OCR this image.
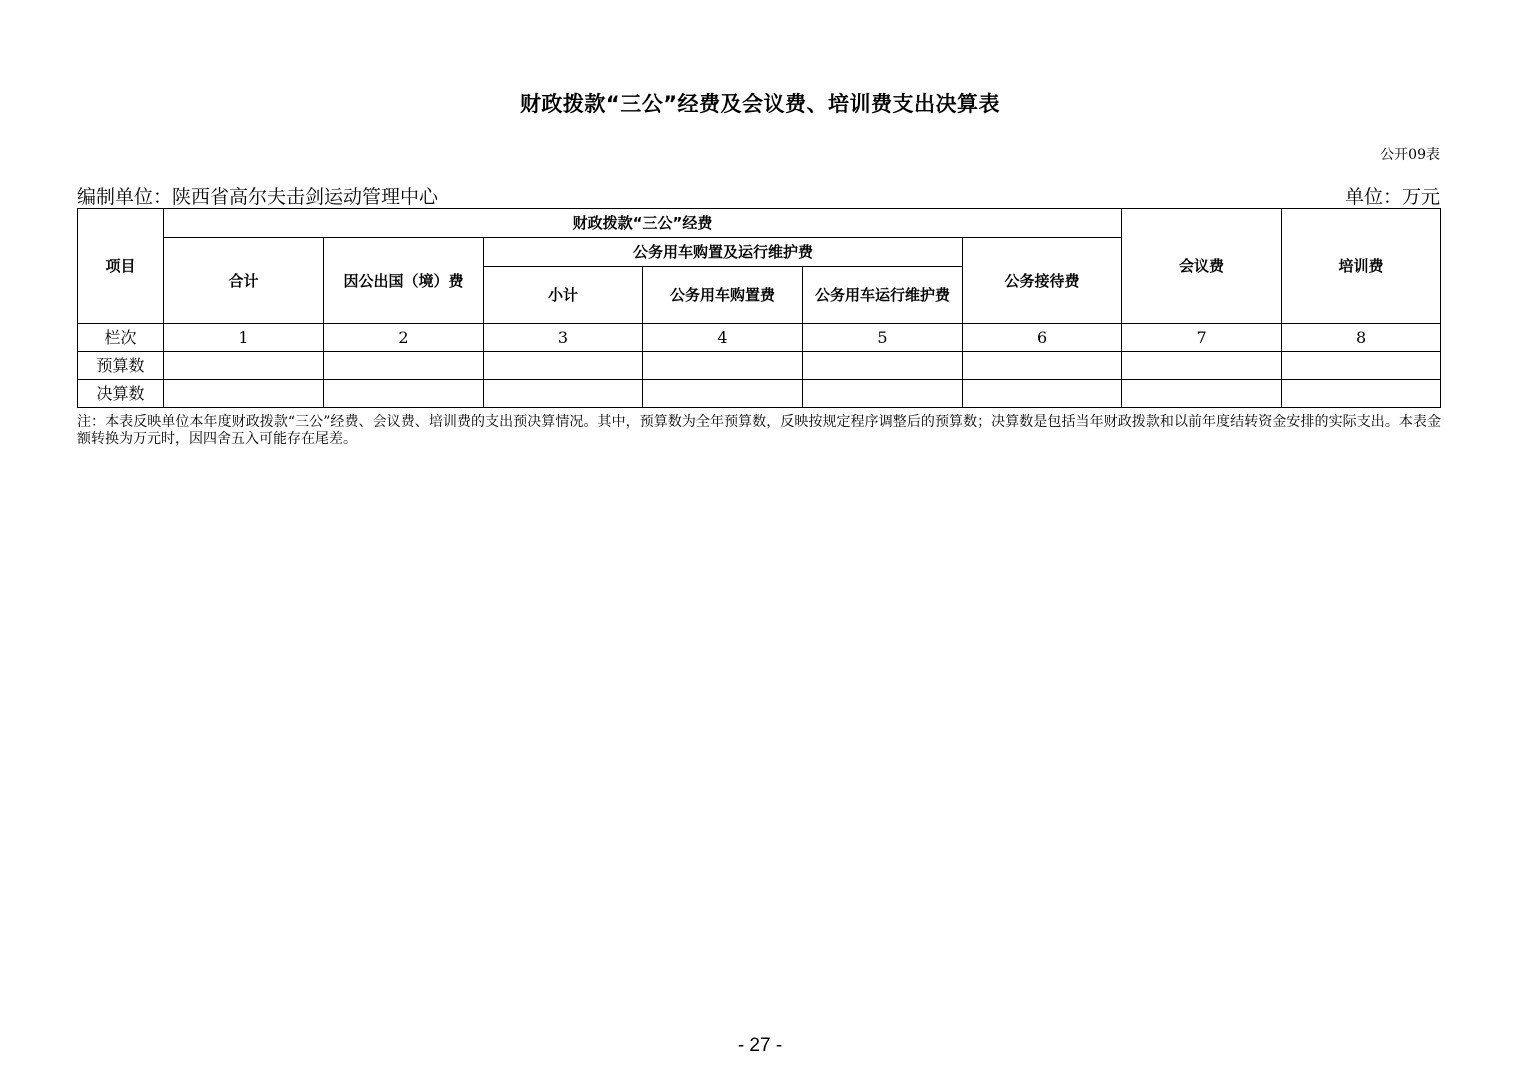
财政拨款“三公”经费及会议费、培训费支出决算表
公开09表
编制单位：陕西省高尔夫击剑运动管理中心	单位：万元
项目	财政拨款“三公”经费						会议费	培训费
	合计	因公出国（境）费	公务用车购置及运行维护费			公务接待费		
			小计	公务用车购置费	公务用车运行维护费			
栏次	1	2	3	4	5	6	7	8
预算数								
决算数								
注：本表反映单位本年度财政拨款“三公”经费、会议费、培训费的支出预决算情况。其中，预算数为全年预算数，反映按规定程序调整后的预算数；决算数是包括当年财政拨款和以前年度结转资金安排的实际支出。本表金额转换为万元时，因四舍五入可能存在尾差。
- 27 -
